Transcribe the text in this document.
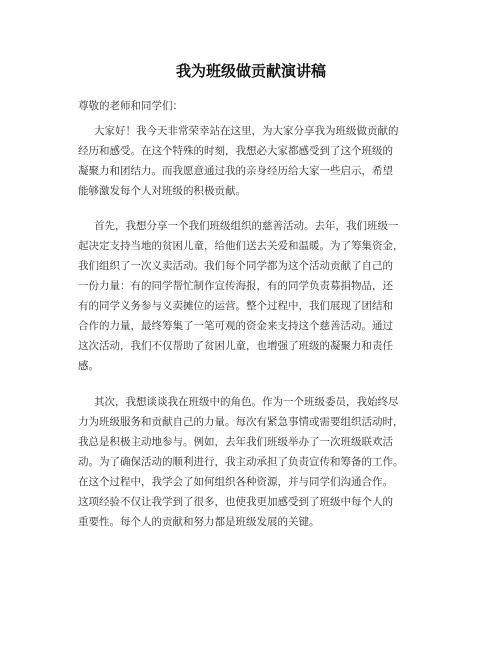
我为班级做贡献演讲稿
尊敬的老师和同学们：
大家好！我今天非常荣幸站在这里，为大家分享我为班级做贡献的
经历和感受。在这个特殊的时刻，我想必大家都感受到了这个班级的
凝聚力和团结力。而我愿意通过我的亲身经历给大家一些启示，希望
能够激发每个人对班级的积极贡献。
首先，我想分享一个我们班级组织的慈善活动。去年，我们班级一
起决定支持当地的贫困儿童，给他们送去关爱和温暖。为了筹集资金，
我们组织了一次义卖活动。我们每个同学都为这个活动贡献了自己的
一份力量：有的同学帮忙制作宣传海报，有的同学负责募捐物品，还
有的同学义务参与义卖摊位的运营。整个过程中，我们展现了团结和
合作的力量，最终筹集了一笔可观的资金来支持这个慈善活动。通过
这次活动，我们不仅帮助了贫困儿童，也增强了班级的凝聚力和责任
感。
其次，我想谈谈我在班级中的角色。作为一个班级委员，我始终尽
力为班级服务和贡献自己的力量。每次有紧急事情或需要组织活动时，
我总是积极主动地参与。例如，去年我们班级举办了一次班级联欢活
动。为了确保活动的顺利进行，我主动承担了负责宣传和筹备的工作。
在这个过程中，我学会了如何组织各种资源，并与同学们沟通合作。
这项经验不仅让我学到了很多，也使我更加感受到了班级中每个人的
重要性。每个人的贡献和努力都是班级发展的关键。
